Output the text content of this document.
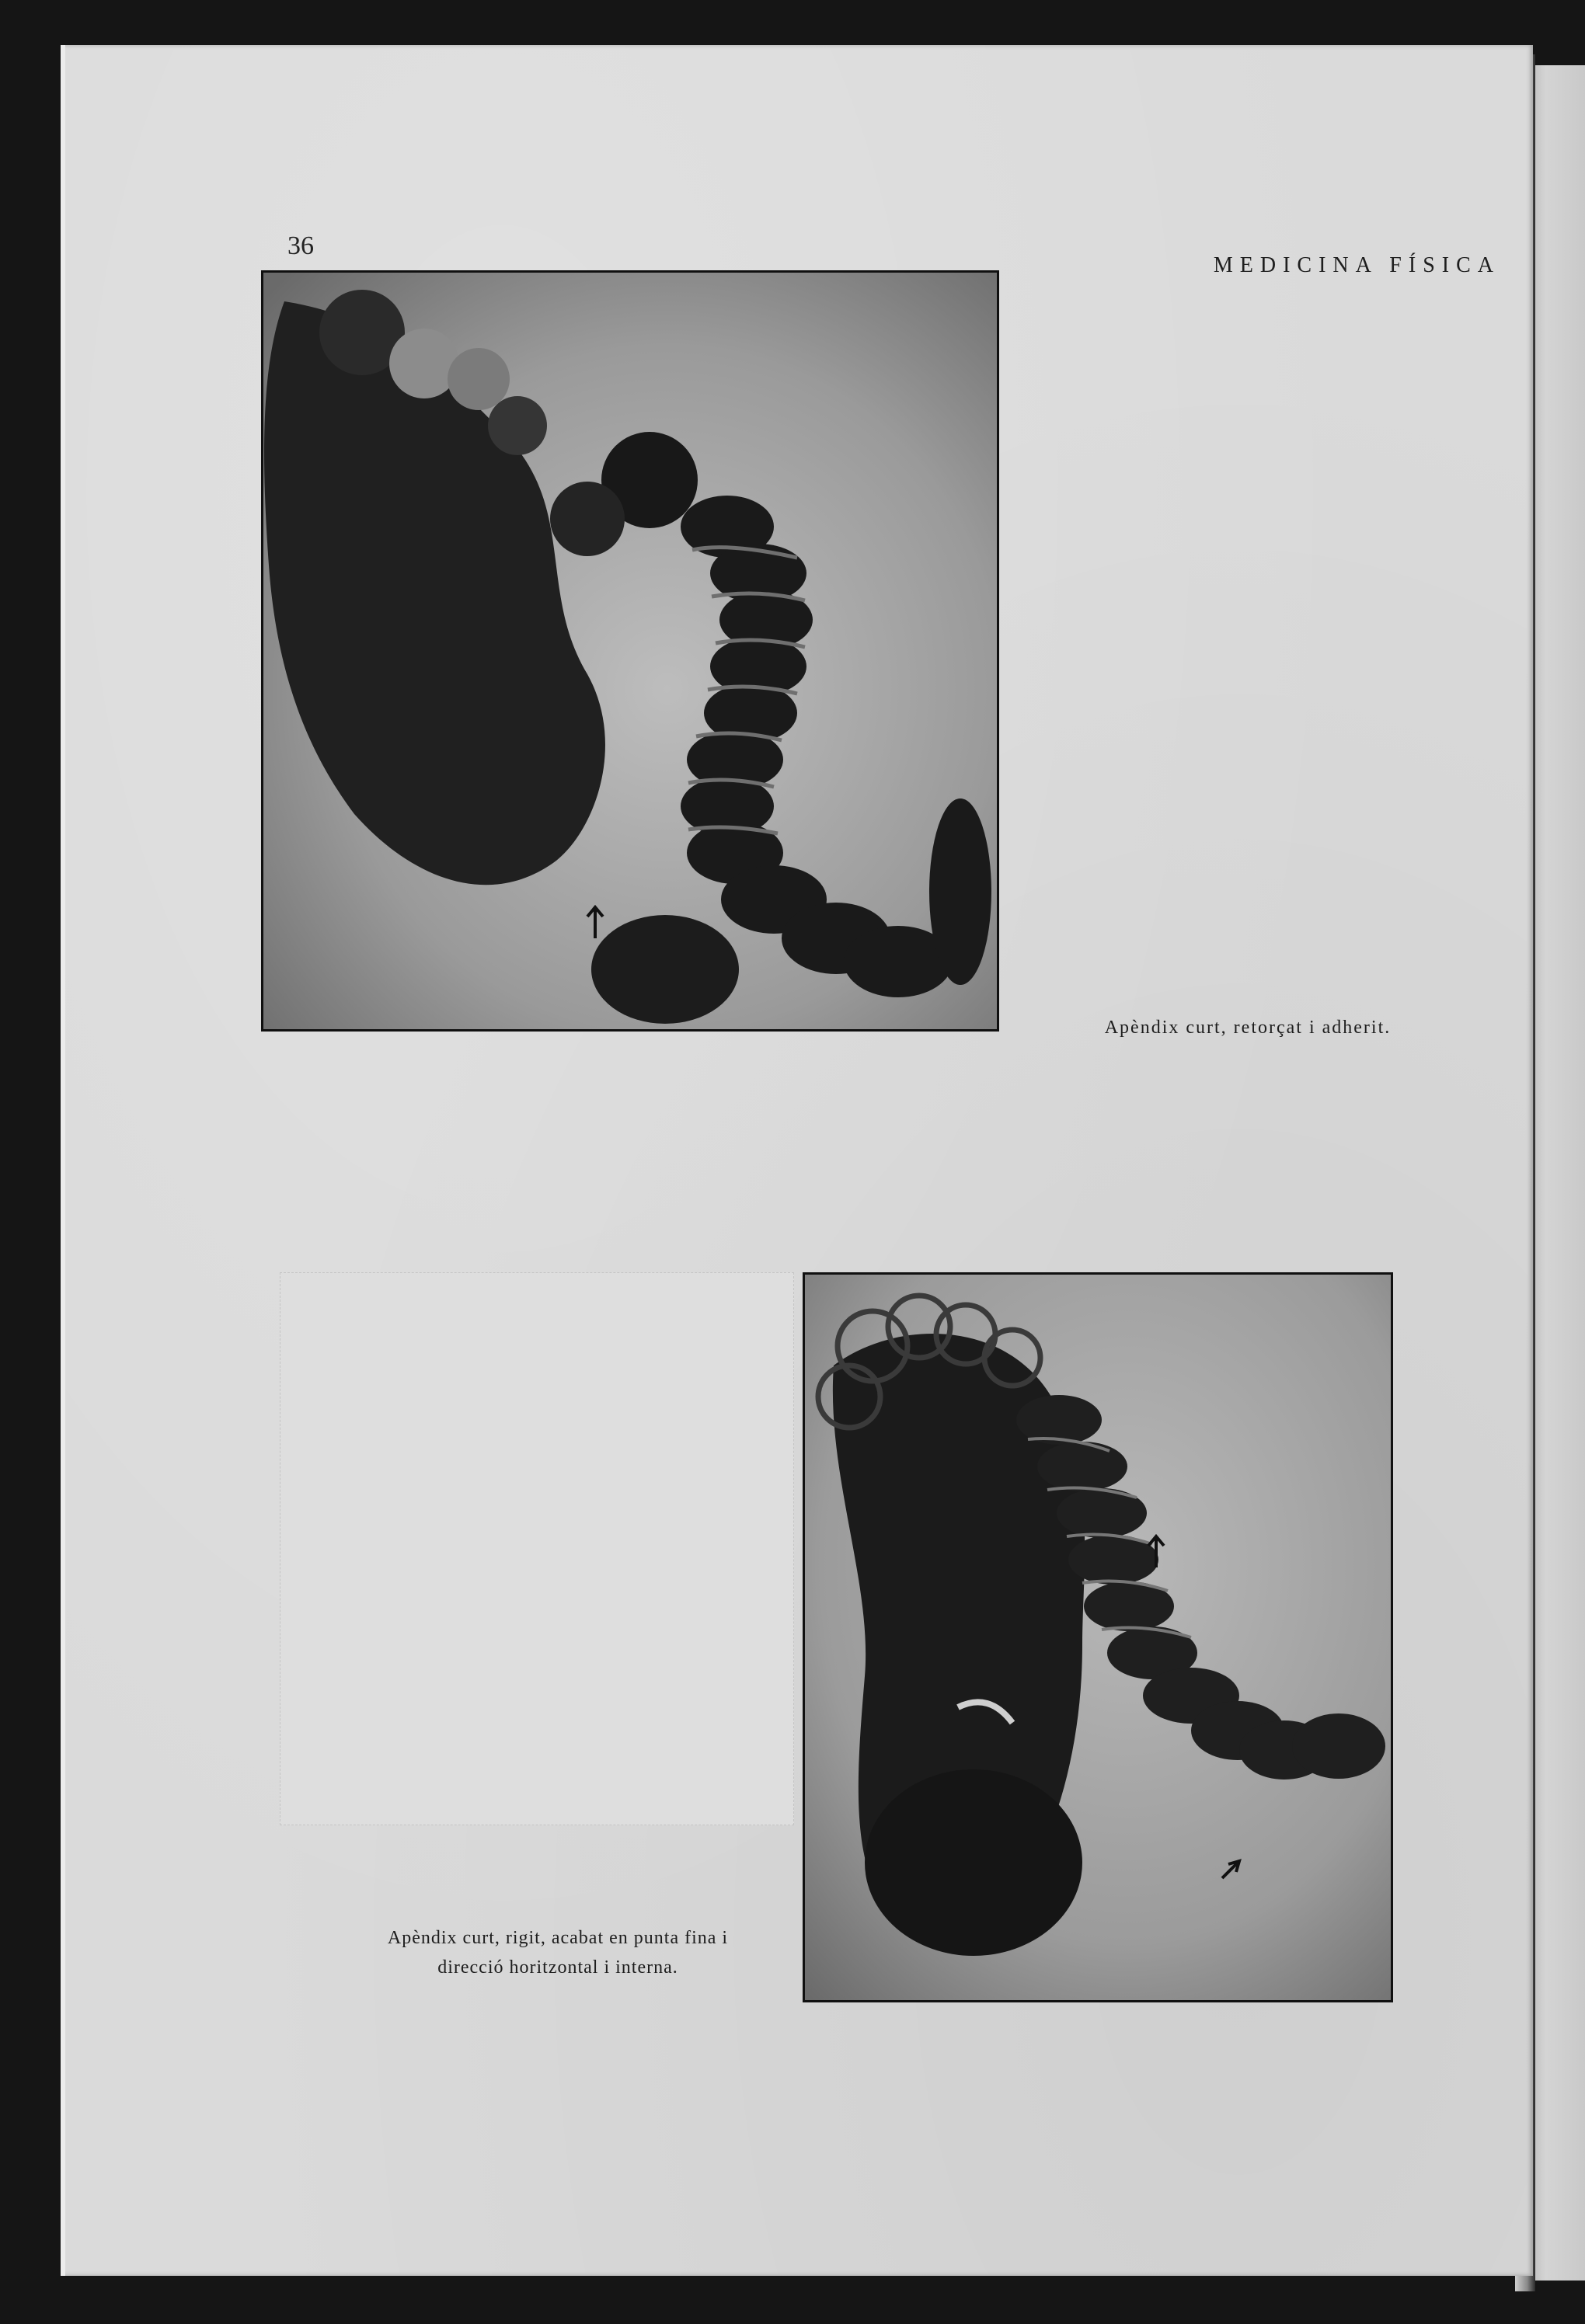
36
MEDICINA FÍSICA
Apèndix curt, retorçat i adherit.
Apèndix curt, rigit, acabat en punta fina i
direcció horitzontal i interna.
